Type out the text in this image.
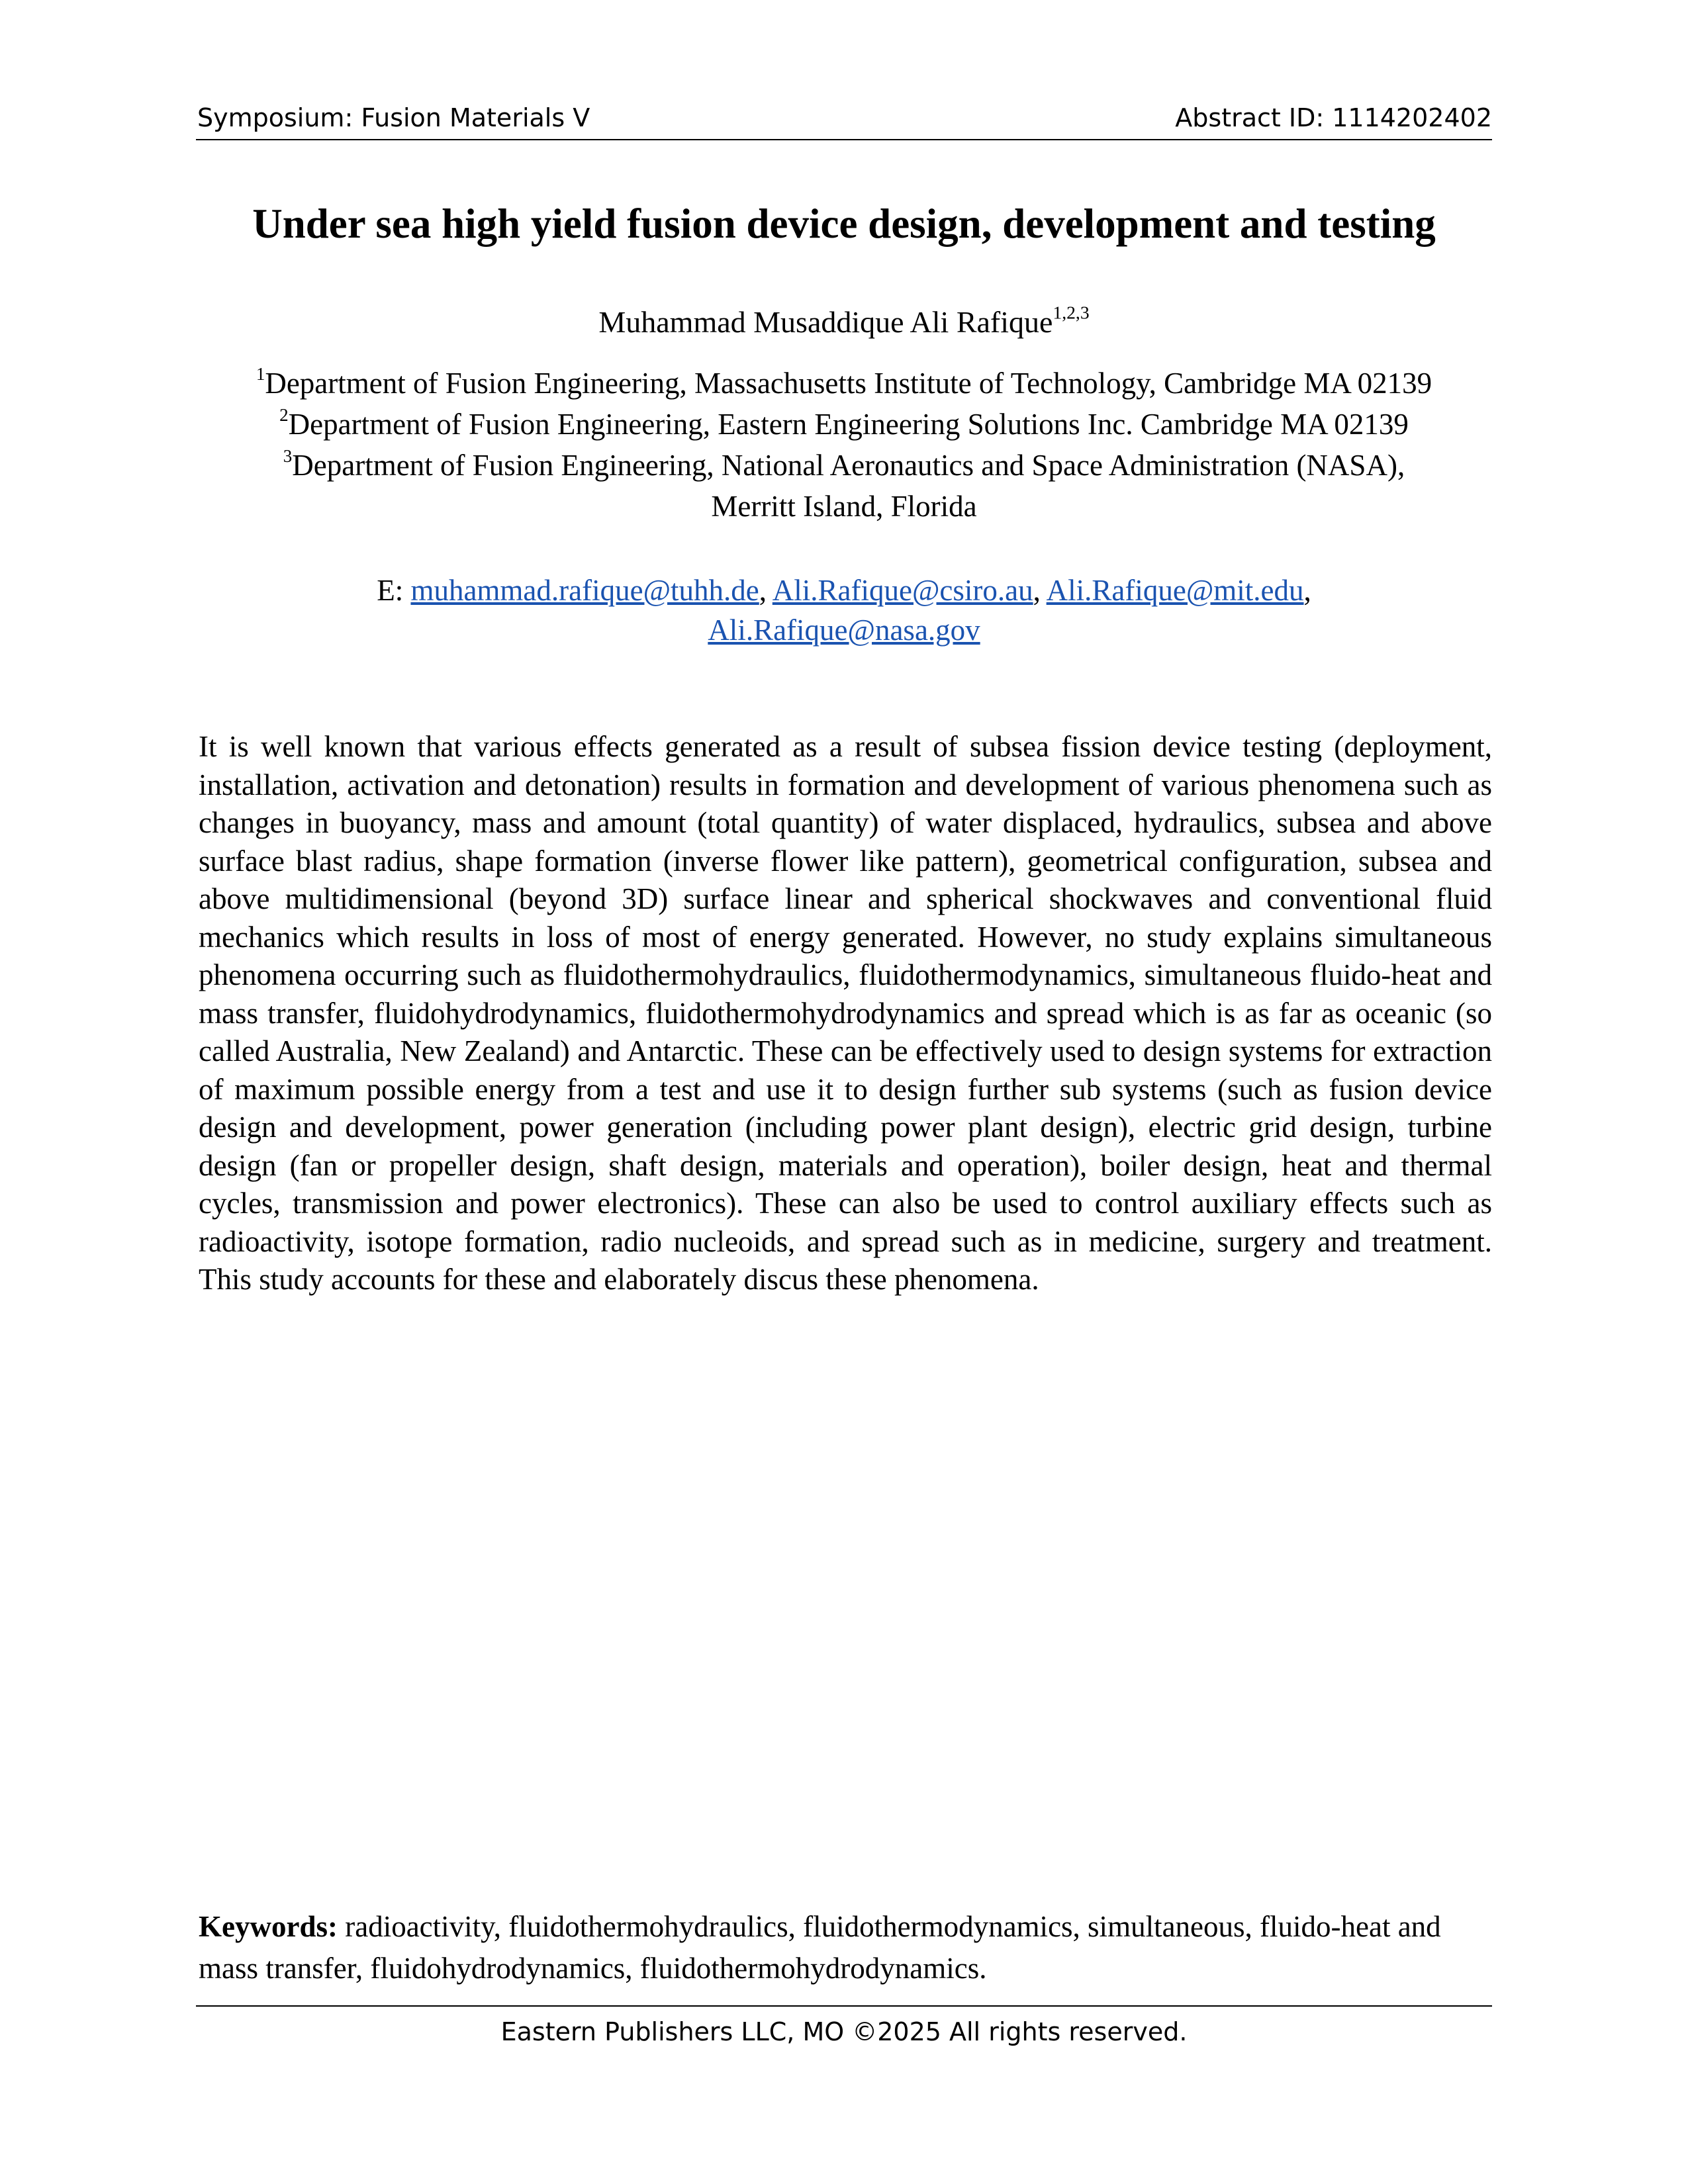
Symposium: Fusion Materials V	Abstract ID: 1114202402
Under sea high yield fusion device design, development and testing
Muhammad Musaddique Ali Rafique$^{1,2,3}$
$^1$Department of Fusion Engineering, Massachusetts Institute of Technology, Cambridge MA 02139
$^2$Department of Fusion Engineering, Eastern Engineering Solutions Inc. Cambridge MA 02139
$^3$Department of Fusion Engineering, National Aeronautics and Space Administration (NASA),
Merritt Island, Florida
E: muhammad.rafique@tuhh.de, Ali.Rafique@csiro.au, Ali.Rafique@mit.edu,
Ali.Rafique@nasa.gov
It is well known that various effects generated as a result of subsea fission device testing (deployment, installation, activation and detonation) results in formation and development of various phenomena such as changes in buoyancy, mass and amount (total quantity) of water displaced, hydraulics, subsea and above surface blast radius, shape formation (inverse flower like pattern), geometrical configuration, subsea and above multidimensional (beyond 3D) surface linear and spherical shockwaves and conventional fluid mechanics which results in loss of most of energy generated. However, no study explains simultaneous phenomena occurring such as fluidothermohydraulics, fluidothermodynamics, simultaneous fluido-heat and mass transfer, fluidohydrodynamics, fluidothermohydrodynamics and spread which is as far as oceanic (so called Australia, New Zealand) and Antarctic. These can be effectively used to design systems for extraction of maximum possible energy from a test and use it to design further sub systems (such as fusion device design and development, power generation (including power plant design), electric grid design, turbine design (fan or propeller design, shaft design, materials and operation), boiler design, heat and thermal cycles, transmission and power electronics). These can also be used to control auxiliary effects such as radioactivity, isotope formation, radio nucleoids, and spread such as in medicine, surgery and treatment. This study accounts for these and elaborately discus these phenomena.
Keywords: radioactivity, fluidothermohydraulics, fluidothermodynamics, simultaneous, fluido-heat and mass transfer, fluidohydrodynamics, fluidothermohydrodynamics.
Eastern Publishers LLC, MO ©2025 All rights reserved.
